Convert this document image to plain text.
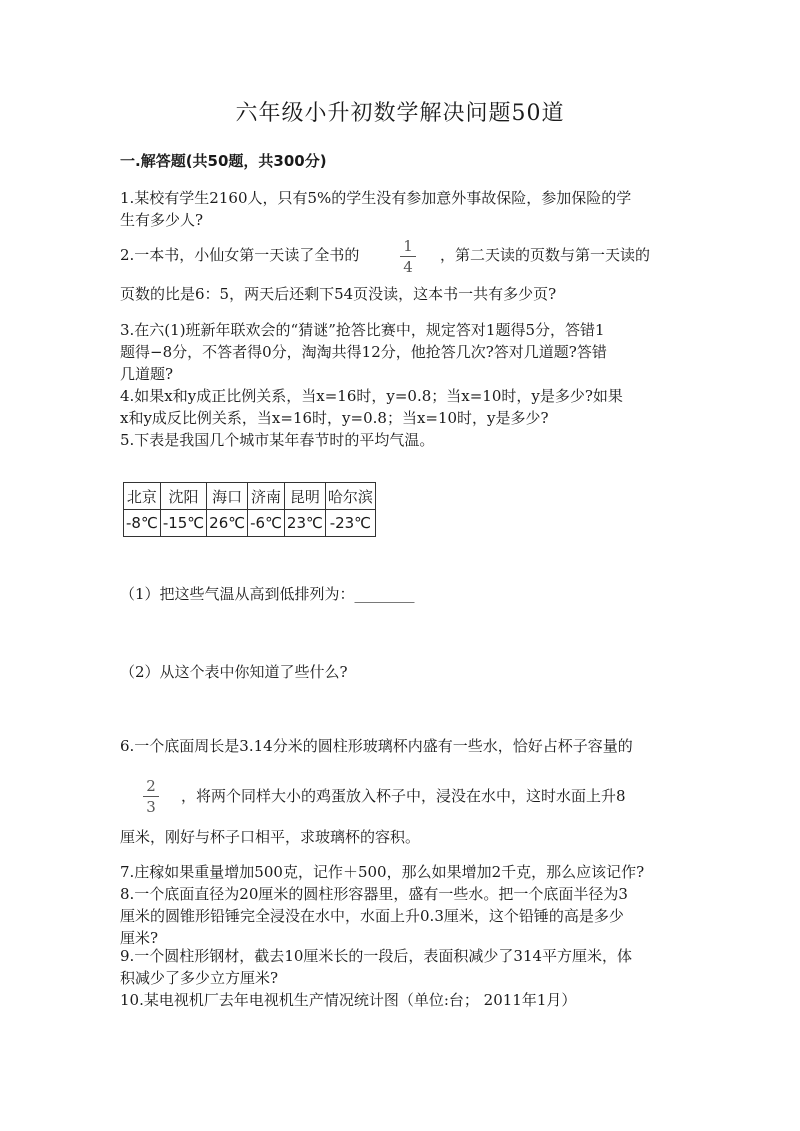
六年级小升初数学解决问题50道
一.解答题(共50题，共300分)
1.某校有学生2160人，只有5%的学生没有参加意外事故保险，参加保险的学
生有多少人?
2.一本书，小仙女第一天读了全书的	1
4
，第二天读的页数与第一天读的
页数的比是6：5，两天后还剩下54页没读，这本书一共有多少页?
3.在六(1)班新年联欢会的“猜谜”抢答比赛中，规定答对1题得5分，答错1
题得−8分，不答者得0分，淘淘共得12分，他抢答几次?答对几道题?答错
几道题?
4.如果x和y成正比例关系，当x=16时，y=0.8；当x=10时，y是多少?如果
x和y成反比例关系，当x=16时，y=0.8；当x=10时，y是多少?
5.下表是我国几个城市某年春节时的平均气温。
北京	沈阳	海口	济南	昆明	哈尔滨
-8℃	-15℃	26℃	-6℃	23℃	-23℃
（1）把这些气温从高到低排列为：________
（2）从这个表中你知道了些什么?
6.一个底面周长是3.14分米的圆柱形玻璃杯内盛有一些水，恰好占杯子容量的
2
3
，将两个同样大小的鸡蛋放入杯子中，浸没在水中，这时水面上升8
厘米，刚好与杯子口相平，求玻璃杯的容积。
7.庄稼如果重量增加500克，记作＋500，那么如果增加2千克，那么应该记作?
8.一个底面直径为20厘米的圆柱形容器里，盛有一些水。把一个底面半径为3
厘米的圆锥形铅锤完全浸没在水中，水面上升0.3厘米，这个铅锤的高是多少
厘米?
9.一个圆柱形钢材，截去10厘米长的一段后，表面积减少了314平方厘米，体
积减少了多少立方厘米?
10.某电视机厂去年电视机生产情况统计图（单位:台； 2011年1月）
